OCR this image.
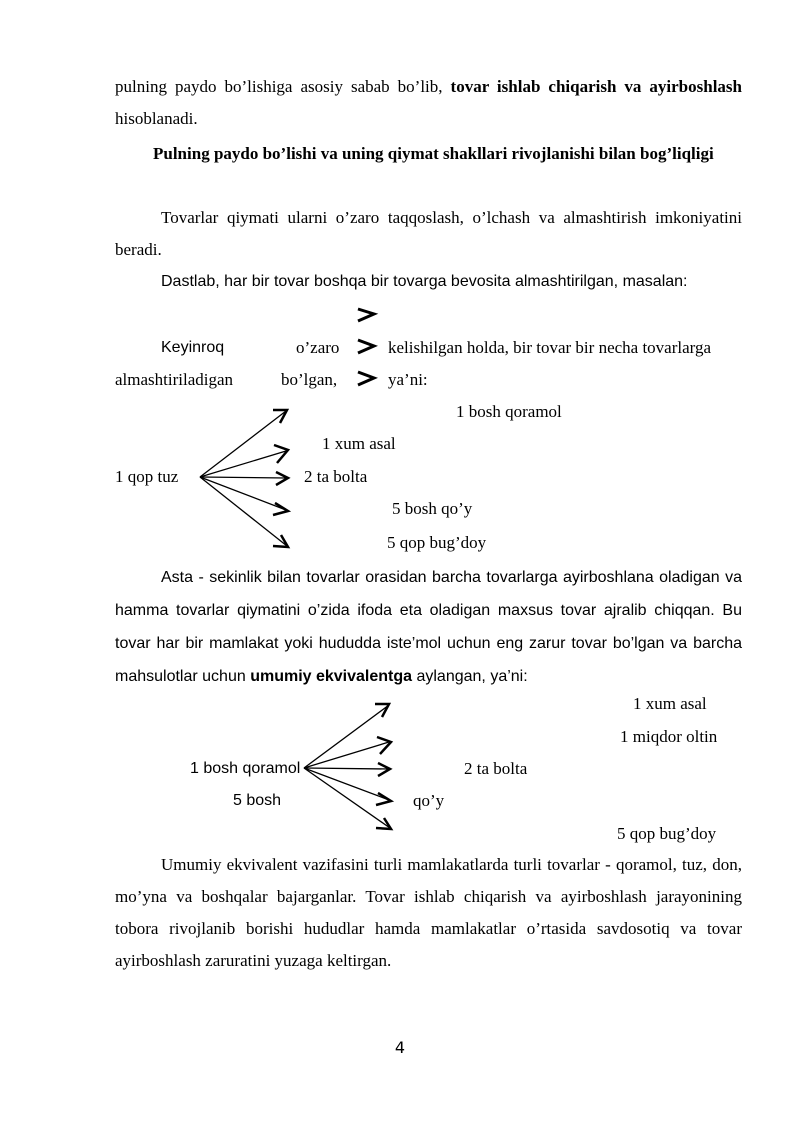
pulning paydo bo’lishiga asosiy sabab bo’lib, tovar ishlab chiqarish va ayirboshlash hisoblanadi.

Pulning paydo bo’lishi va uning qiymat shakllari rivojlanishi bilan bog’liqligi

Tovarlar qiymati ularni o’zaro taqqoslash, o’lchash va almashtirish imkoniyatini beradi.

Dastlab, har bir tovar boshqa bir tovarga bevosita almashtirilgan, masalan:

Keyinroq	o’zaro	kelishilgan holda, bir tovar bir necha tovarlarga
almashtiriladigan	bo’lgan,	ya’ni:
1 qop tuz
1 bosh qoramol
1 xum asal
2 ta bolta
5 bosh qo’y
5 qop bug’doy

Asta - sekinlik bilan tovarlar orasidan barcha tovarlarga ayirboshlana oladigan va hamma tovarlar qiymatini o’zida ifoda eta oladigan maxsus tovar ajralib chiqqan. Bu tovar har bir mamlakat yoki hududda iste’mol uchun eng zarur tovar bo’lgan va barcha mahsulotlar uchun umumiy ekvivalentga aylangan, ya’ni:

1 bosh qoramol
5 bosh
1 xum asal
1 miqdor oltin
2 ta bolta
qo’y
5 qop bug’doy

Umumiy ekvivalent vazifasini turli mamlakatlarda turli tovarlar - qoramol, tuz, don, mo’yna va boshqalar bajarganlar. Tovar ishlab chiqarish va ayirboshlash jarayonining tobora rivojlanib borishi hududlar hamda mamlakatlar o’rtasida savdosotiq va tovar ayirboshlash zaruratini yuzaga keltirgan.

4
